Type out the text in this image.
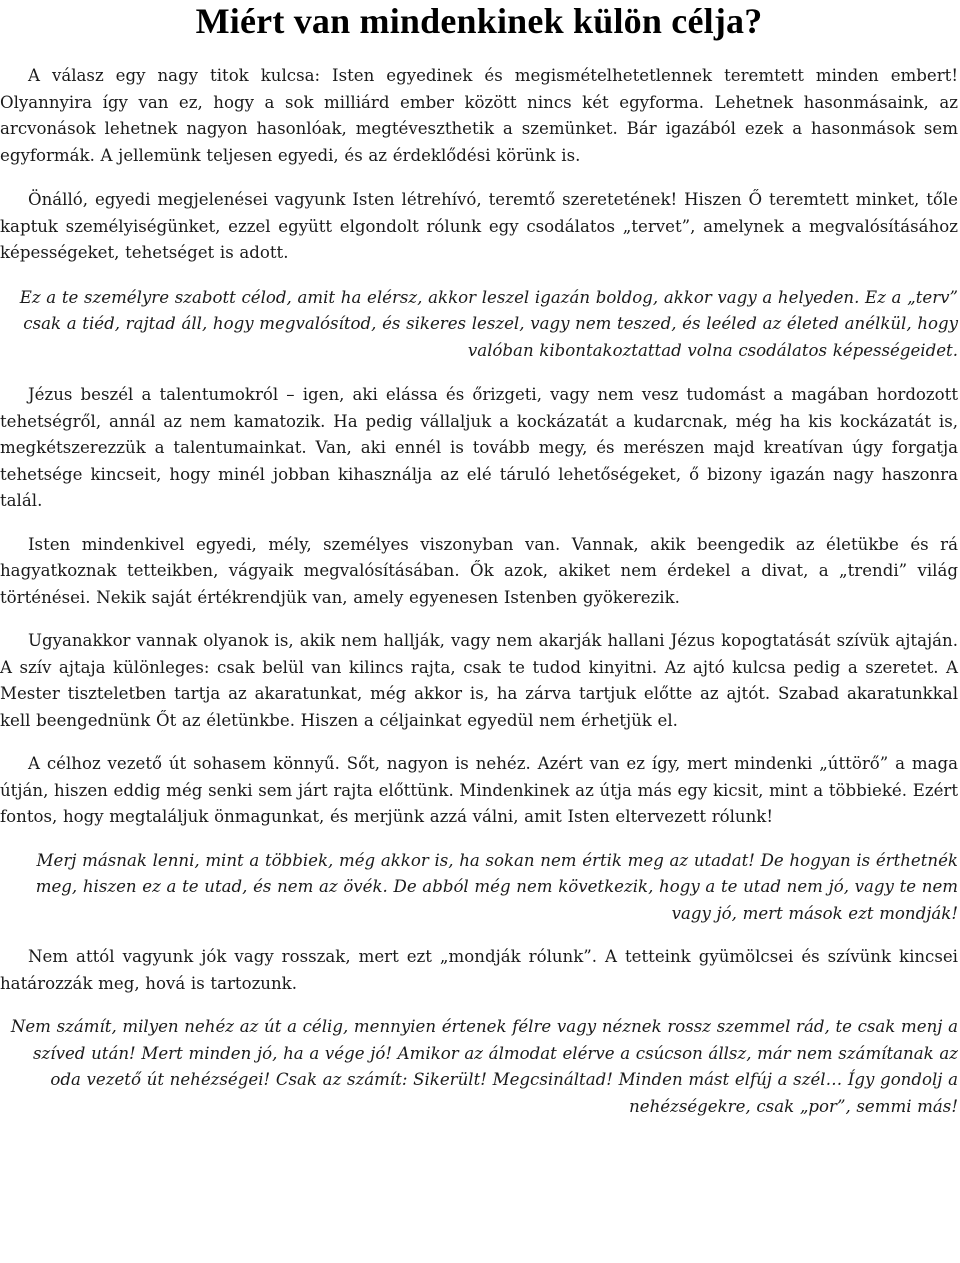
Miért van mindenkinek külön célja?

A válasz egy nagy titok kulcsa: Isten egyedinek és megismételhetetlennek teremtett minden embert! Olyannyira így van ez, hogy a sok milliárd ember között nincs két egyforma. Lehetnek hasonmásaink, az arcvonások lehetnek nagyon hasonlóak, megtéveszthetik a szemünket. Bár igazából ezek a hasonmások sem egyformák. A jellemünk teljesen egyedi, és az érdeklődési körünk is.

Önálló, egyedi megjelenései vagyunk Isten létrehívó, teremtő szeretetének! Hiszen Ő teremtett minket, tőle kaptuk személyiségünket, ezzel együtt elgondolt rólunk egy csodálatos „tervet”, amelynek a megvalósításához képességeket, tehetséget is adott.

Ez a te személyre szabott célod, amit ha elérsz, akkor leszel igazán boldog, akkor vagy a helyeden. Ez a „terv” csak a tiéd, rajtad áll, hogy megvalósítod, és sikeres leszel, vagy nem teszed, és leéled az életed anélkül, hogy valóban kibontakoztattad volna csodálatos képességeidet.

Jézus beszél a talentumokról – igen, aki elássa és őrizgeti, vagy nem vesz tudomást a magában hordozott tehetségről, annál az nem kamatozik. Ha pedig vállaljuk a kockázatát a kudarcnak, még ha kis kockázatát is, megkétszerezzük a talentumainkat. Van, aki ennél is tovább megy, és merészen majd kreatívan úgy forgatja tehetsége kincseit, hogy minél jobban kihasználja az elé táruló lehetőségeket, ő bizony igazán nagy haszonra talál.

Isten mindenkivel egyedi, mély, személyes viszonyban van. Vannak, akik beengedik az életükbe és rá hagyatkoznak tetteikben, vágyaik megvalósításában. Ők azok, akiket nem érdekel a divat, a „trendi” világ történései. Nekik saját értékrendjük van, amely egyenesen Istenben gyökerezik.

Ugyanakkor vannak olyanok is, akik nem hallják, vagy nem akarják hallani Jézus kopogtatását szívük ajtaján. A szív ajtaja különleges: csak belül van kilincs rajta, csak te tudod kinyitni. Az ajtó kulcsa pedig a szeretet. A Mester tiszteletben tartja az akaratunkat, még akkor is, ha zárva tartjuk előtte az ajtót. Szabad akaratunkkal kell beengednünk Őt az életünkbe. Hiszen a céljainkat egyedül nem érhetjük el.

A célhoz vezető út sohasem könnyű. Sőt, nagyon is nehéz. Azért van ez így, mert mindenki „úttörő” a maga útján, hiszen eddig még senki sem járt rajta előttünk. Mindenkinek az útja más egy kicsit, mint a többieké. Ezért fontos, hogy megtaláljuk önmagunkat, és merjünk azzá válni, amit Isten eltervezett rólunk!

Merj másnak lenni, mint a többiek, még akkor is, ha sokan nem értik meg az utadat! De hogyan is érthetnék meg, hiszen ez a te utad, és nem az övék. De abból még nem következik, hogy a te utad nem jó, vagy te nem vagy jó, mert mások ezt mondják!

Nem attól vagyunk jók vagy rosszak, mert ezt „mondják rólunk”. A tetteink gyümölcsei és szívünk kincsei határozzák meg, hová is tartozunk.

Nem számít, milyen nehéz az út a célig, mennyien értenek félre vagy néznek rossz szemmel rád, te csak menj a szíved után! Mert minden jó, ha a vége jó! Amikor az álmodat elérve a csúcson állsz, már nem számítanak az oda vezető út nehézségei! Csak az számít: Sikerült! Megcsináltad! Minden mást elfúj a szél… Így gondolj a nehézségekre, csak „por”, semmi más!
